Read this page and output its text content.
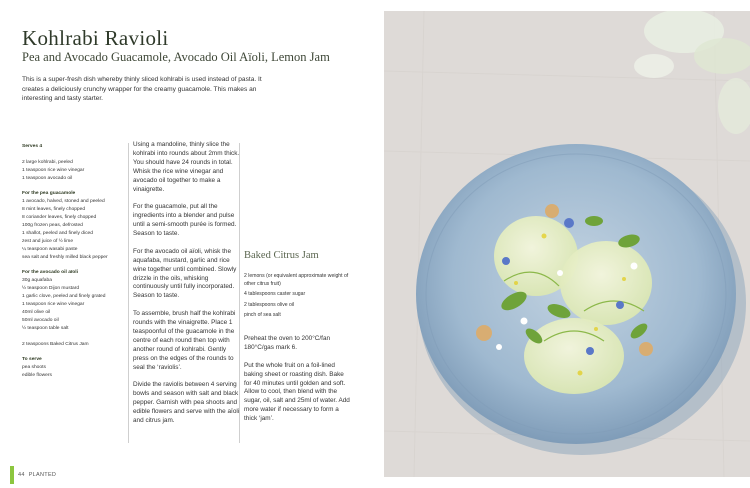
Kohlrabi Ravioli
Pea and Avocado Guacamole, Avocado Oil Aïoli, Lemon Jam

This is a super-fresh dish whereby thinly sliced kohlrabi is used instead of pasta. It creates a deliciously crunchy wrapper for the creamy guacamole. This makes an interesting and tasty starter.

Serves 4
2 large kohlrabi, peeled
1 teaspoon rice wine vinegar
1 teaspoon avocado oil
For the pea guacamole
1 avocado, halved, stoned and peeled
8 mint leaves, finely chopped
8 coriander leaves, finely chopped
100g frozen peas, defrosted
1 shallot, peeled and finely diced
zest and juice of ½ lime
¼ teaspoon wasabi paste
sea salt and freshly milled black pepper
For the avocado oil aïoli
30g aquafaba
½ teaspoon Dijon mustard
1 garlic clove, peeled and finely grated
1 teaspoon rice wine vinegar
40ml olive oil
50ml avocado oil
½ teaspoon table salt
2 teaspoons Baked Citrus Jam
To serve
pea shoots
edible flowers

Using a mandoline, thinly slice the kohlrabi into rounds about 2mm thick. You should have 24 rounds in total. Whisk the rice wine vinegar and avocado oil together to make a vinaigrette.

For the guacamole, put all the ingredients into a blender and pulse until a semi-smooth purée is formed. Season to taste.

For the avocado oil aïoli, whisk the aquafaba, mustard, garlic and rice wine together until combined. Slowly drizzle in the oils, whisking continuously until fully incorporated. Season to taste.

To assemble, brush half the kohlrabi rounds with the vinaigrette. Place 1 teaspoonful of the guacamole in the centre of each round then top with another round of kohlrabi. Gently press on the edges of the rounds to seal the ‘raviolis’.

Divide the raviolis between 4 serving bowls and season with salt and black pepper. Garnish with pea shoots and edible flowers and serve with the aïoli and citrus jam.

Baked Citrus Jam
2 lemons (or equivalent approximate weight of other citrus fruit)
4 tablespoons caster sugar
2 tablespoons olive oil
pinch of sea salt

Preheat the oven to 200°C/fan 180°C/gas mark 6.

Put the whole fruit on a foil-lined baking sheet or roasting dish. Bake for 40 minutes until golden and soft. Allow to cool, then blend with the sugar, oil, salt and 25ml of water. Add more water if necessary to form a thick ‘jam’.

44 PLANTED
